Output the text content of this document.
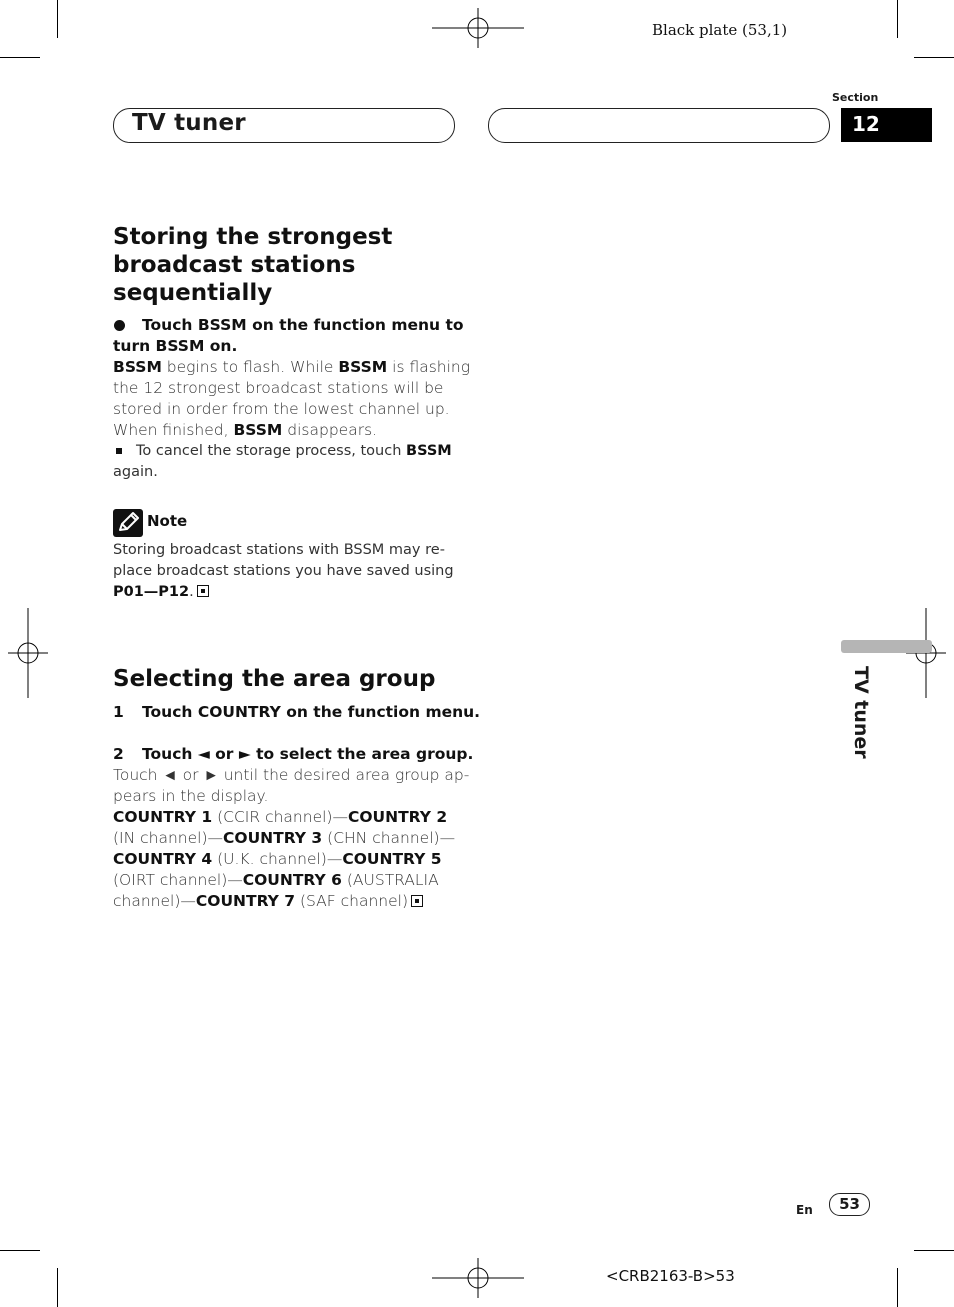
Black plate (53,1)
TV tuner
Section
12
Storing the strongest
broadcast stations
sequentially
Touch BSSM on the function menu to
turn BSSM on.
BSSM begins to flash. While BSSM is flashing
the 12 strongest broadcast stations will be
stored in order from the lowest channel up.
When finished, BSSM disappears.
To cancel the storage process, touch BSSM
again.
Note
Storing broadcast stations with BSSM may re-
place broadcast stations you have saved using
P01—P12.
Selecting the area group
1 Touch COUNTRY on the function menu.
2 Touch ◄ or ► to select the area group.
Touch ◄ or ► until the desired area group ap-
pears in the display.
COUNTRY 1 (CCIR channel)—COUNTRY 2
(IN channel)—COUNTRY 3 (CHN channel)—
COUNTRY 4 (U.K. channel)—COUNTRY 5
(OIRT channel)—COUNTRY 6 (AUSTRALIA
channel)—COUNTRY 7 (SAF channel)
TV tuner
En	53
<CRB2163-B>53
